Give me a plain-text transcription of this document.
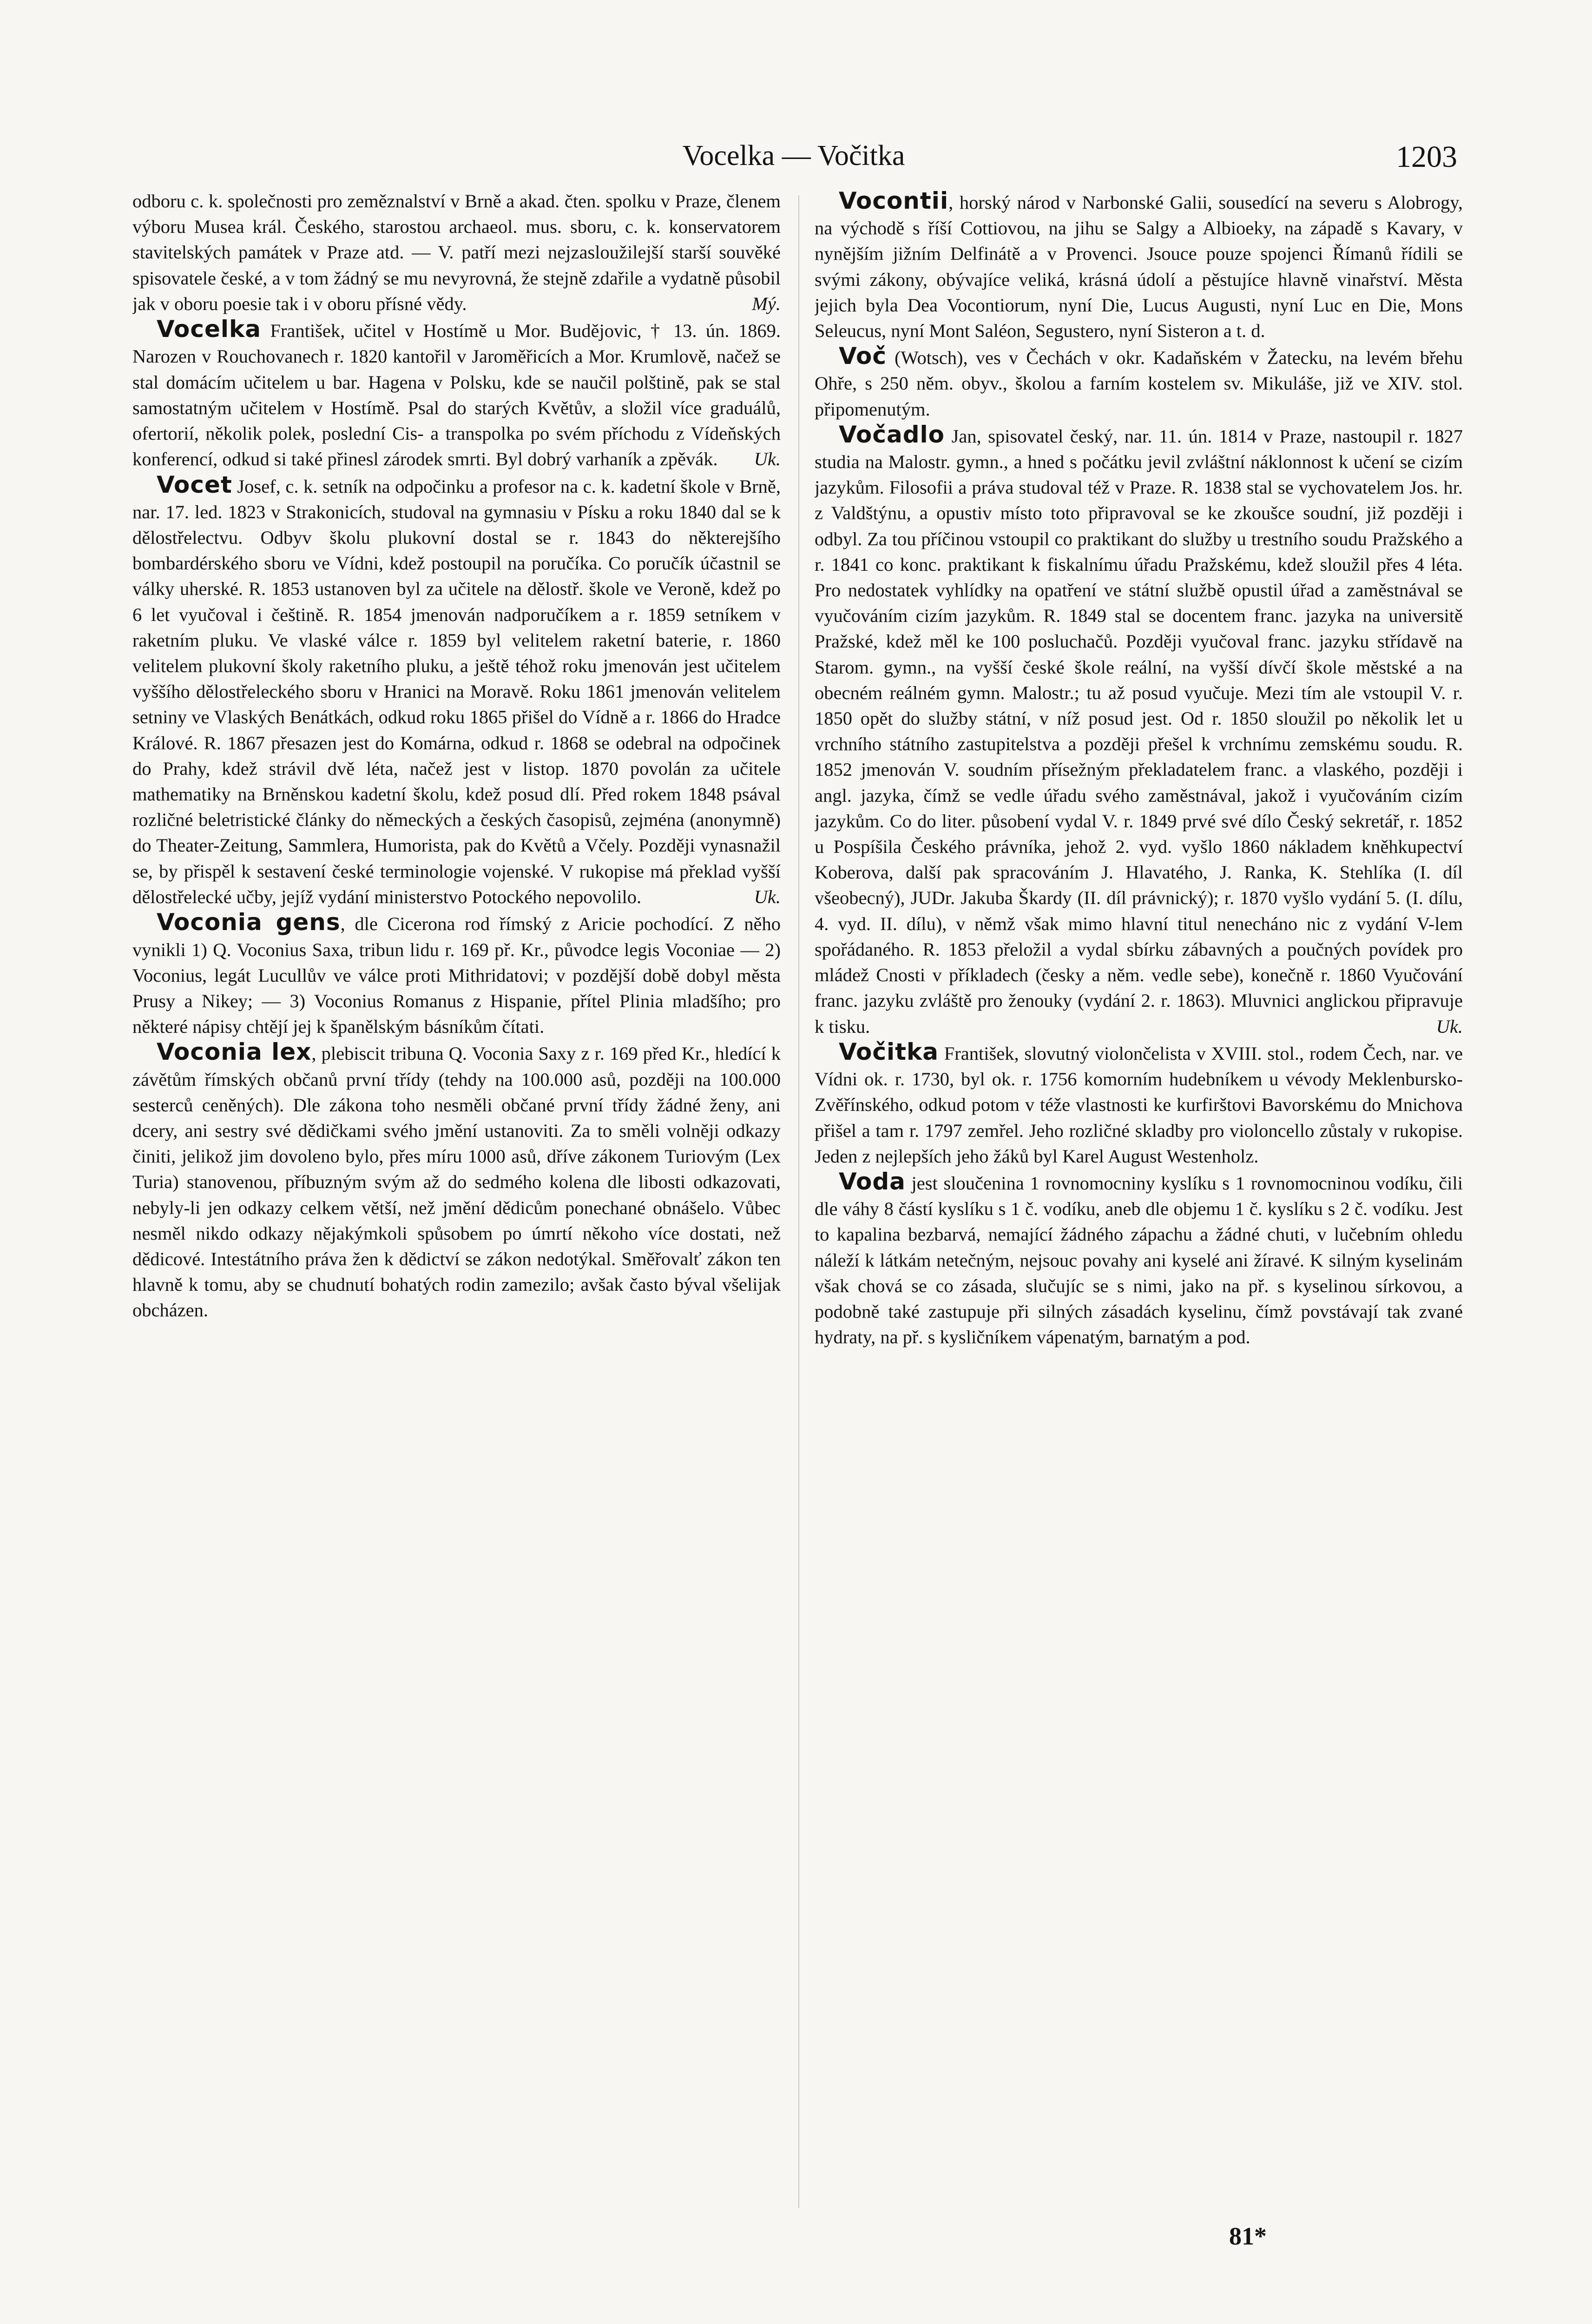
Vocelka — Vočitka	1203

odboru c. k. společnosti pro zeměznalství v Brně a akad. čten. spolku v Praze, členem výboru Musea král. Českého, starostou archaeol. mus. sboru, c. k. konservatorem stavitelských památek v Praze atd. — V. patří mezi nejzasloužilejší starší souvěké spisovatele české, a v tom žádný se mu nevyrovná, že stejně zdařile a vydatně působil jak v oboru poesie tak i v oboru přísné vědy.	Mý.

Vocelka František, učitel v Hostímě u Mor. Budějovic, † 13. ún. 1869. Narozen v Rouchovanech r. 1820 kantořil v Jaroměřicích a Mor. Krumlově, načež se stal domácím učitelem u bar. Hagena v Polsku, kde se naučil polštině, pak se stal samostatným učitelem v Hostímě. Psal do starých Květův, a složil více graduálů, ofertorií, několik polek, poslední Cis- a transpolka po svém příchodu z Vídeňských konferencí, odkud si také přinesl zárodek smrti. Byl dobrý varhaník a zpěvák.	Uk.

Vocet Josef, c. k. setník na odpočinku a profesor na c. k. kadetní škole v Brně, nar. 17. led. 1823 v Strakonicích, studoval na gymnasiu v Písku a roku 1840 dal se k dělostřelectvu. Odbyv školu plukovní dostal se r. 1843 do některejšího bombardérského sboru ve Vídni, kdež postoupil na poručíka. Co poručík účastnil se války uherské. R. 1853 ustanoven byl za učitele na dělostř. škole ve Veroně, kdež po 6 let vyučoval i češtině. R. 1854 jmenován nadporučíkem a r. 1859 setníkem v raketním pluku. Ve vlaské válce r. 1859 byl velitelem raketní baterie, r. 1860 velitelem plukovní školy raketního pluku, a ještě téhož roku jmenován jest učitelem vyššího dělostřeleckého sboru v Hranici na Moravě. Roku 1861 jmenován velitelem setniny ve Vlaských Benátkách, odkud roku 1865 přišel do Vídně a r. 1866 do Hradce Králové. R. 1867 přesazen jest do Komárna, odkud r. 1868 se odebral na odpočinek do Prahy, kdež strávil dvě léta, načež jest v listop. 1870 povolán za učitele mathematiky na Brněnskou kadetní školu, kdež posud dlí. Před rokem 1848 psával rozličné beletristické články do německých a českých časopisů, zejména (anonymně) do Theater-Zeitung, Sammlera, Humorista, pak do Květů a Včely. Později vynasnažil se, by přispěl k sestavení české terminologie vojenské. V rukopise má překlad vyšší dělostřelecké učby, jejíž vydání ministerstvo Potockého nepovolilo.	Uk.

Voconia gens, dle Cicerona rod římský z Aricie pochodící. Z něho vynikli 1) Q. Voconius Saxa, tribun lidu r. 169 př. Kr., původce legis Voconiae — 2) Voconius, legát Lucullův ve válce proti Mithridatovi; v pozdější době dobyl města Prusy a Nikey; — 3) Voconius Romanus z Hispanie, přítel Plinia mladšího; pro některé nápisy chtějí jej k španělským básníkům čítati.

Voconia lex, plebiscit tribuna Q. Voconia Saxy z r. 169 před Kr., hledící k závětům římských občanů první třídy (tehdy na 100.000 asů, později na 100.000 sesterců ceněných). Dle zákona toho nesměli občané první třídy žádné ženy, ani dcery, ani sestry své dědičkami svého jmění ustanoviti. Za to směli volněji odkazy činiti, jelikož jim dovoleno bylo, přes míru 1000 asů, dříve zákonem Turiovým (Lex Turia) stanovenou, příbuzným svým až do sedmého kolena dle libosti odkazovati, nebyly-li jen odkazy celkem větší, než jmění dědicům ponechané obnášelo. Vůbec nesměl nikdo odkazy nějakýmkoli spůsobem po úmrtí někoho více dostati, než dědicové. Intestátního práva žen k dědictví se zákon nedotýkal. Směřovalť zákon ten hlavně k tomu, aby se chudnutí bohatých rodin zamezilo; avšak často býval všelijak obcházen.

Vocontii, horský národ v Narbonské Galii, sousedící na severu s Alobrogy, na východě s říší Cottiovou, na jihu se Salgy a Albioeky, na západě s Kavary, v nynějším jižním Delfinátě a v Provenci. Jsouce pouze spojenci Římanů řídili se svými zákony, obývajíce veliká, krásná údolí a pěstujíce hlavně vinařství. Města jejich byla Dea Vocontiorum, nyní Die, Lucus Augusti, nyní Luc en Die, Mons Seleucus, nyní Mont Saléon, Segustero, nyní Sisteron a t. d.

Voč (Wotsch), ves v Čechách v okr. Kadaňském v Žatecku, na levém břehu Ohře, s 250 něm. obyv., školou a farním kostelem sv. Mikuláše, již ve XIV. stol. připomenutým.

Vočadlo Jan, spisovatel český, nar. 11. ún. 1814 v Praze, nastoupil r. 1827 studia na Malostr. gymn., a hned s počátku jevil zvláštní náklonnost k učení se cizím jazykům. Filosofii a práva studoval též v Praze. R. 1838 stal se vychovatelem Jos. hr. z Valdštýnu, a opustiv místo toto připravoval se ke zkoušce soudní, již později i odbyl. Za tou příčinou vstoupil co praktikant do služby u trestního soudu Pražského a r. 1841 co konc. praktikant k fiskalnímu úřadu Pražskému, kdež sloužil přes 4 léta. Pro nedostatek vyhlídky na opatření ve státní službě opustil úřad a zaměstnával se vyučováním cizím jazykům. R. 1849 stal se docentem franc. jazyka na universitě Pražské, kdež měl ke 100 posluchačů. Později vyučoval franc. jazyku střídavě na Starom. gymn., na vyšší české škole reální, na vyšší dívčí škole městské a na obecném reálném gymn. Malostr.; tu až posud vyučuje. Mezi tím ale vstoupil V. r. 1850 opět do služby státní, v níž posud jest. Od r. 1850 sloužil po několik let u vrchního státního zastupitelstva a později přešel k vrchnímu zemskému soudu. R. 1852 jmenován V. soudním přísežným překladatelem franc. a vlaského, později i angl. jazyka, čímž se vedle úřadu svého zaměstnával, jakož i vyučováním cizím jazykům. Co do liter. působení vydal V. r. 1849 prvé své dílo Český sekretář, r. 1852 u Pospíšila Českého právníka, jehož 2. vyd. vyšlo 1860 nákladem kněhkupectví Koberova, další pak spracováním J. Hlavatého, J. Ranka, K. Stehlíka (I. díl všeobecný), JUDr. Jakuba Škardy (II. díl právnický); r. 1870 vyšlo vydání 5. (I. dílu, 4. vyd. II. dílu), v němž však mimo hlavní titul nenecháno nic z vydání V-lem spořádaného. R. 1853 přeložil a vydal sbírku zábavných a poučných povídek pro mládež Cnosti v příkladech (česky a něm. vedle sebe), konečně r. 1860 Vyučování franc. jazyku zvláště pro ženouky (vydání 2. r. 1863). Mluvnici anglickou připravuje k tisku.	Uk.

Vočitka František, slovutný violončelista v XVIII. stol., rodem Čech, nar. ve Vídni ok. r. 1730, byl ok. r. 1756 komorním hudebníkem u vévody Meklenbursko-Zvěřínského, odkud potom v téže vlastnosti ke kurfirštovi Bavorskému do Mnichova přišel a tam r. 1797 zemřel. Jeho rozličné skladby pro violoncello zůstaly v rukopise. Jeden z nejlepších jeho žáků byl Karel August Westenholz.

Voda jest sloučenina 1 rovnomocniny kyslíku s 1 rovnomocninou vodíku, čili dle váhy 8 částí kyslíku s 1 č. vodíku, aneb dle objemu 1 č. kyslíku s 2 č. vodíku. Jest to kapalina bezbarvá, nemající žádného zápachu a žádné chuti, v lučebním ohledu náleží k látkám netečným, nejsouc povahy ani kyselé ani žíravé. K silným kyselinám však chová se co zásada, slučujíc se s nimi, jako na př. s kyselinou sírkovou, a podobně také zastupuje při silných zásadách kyselinu, čímž povstávají tak zvané hydraty, na př. s kysličníkem vápenatým, barnatým a pod.

81*
